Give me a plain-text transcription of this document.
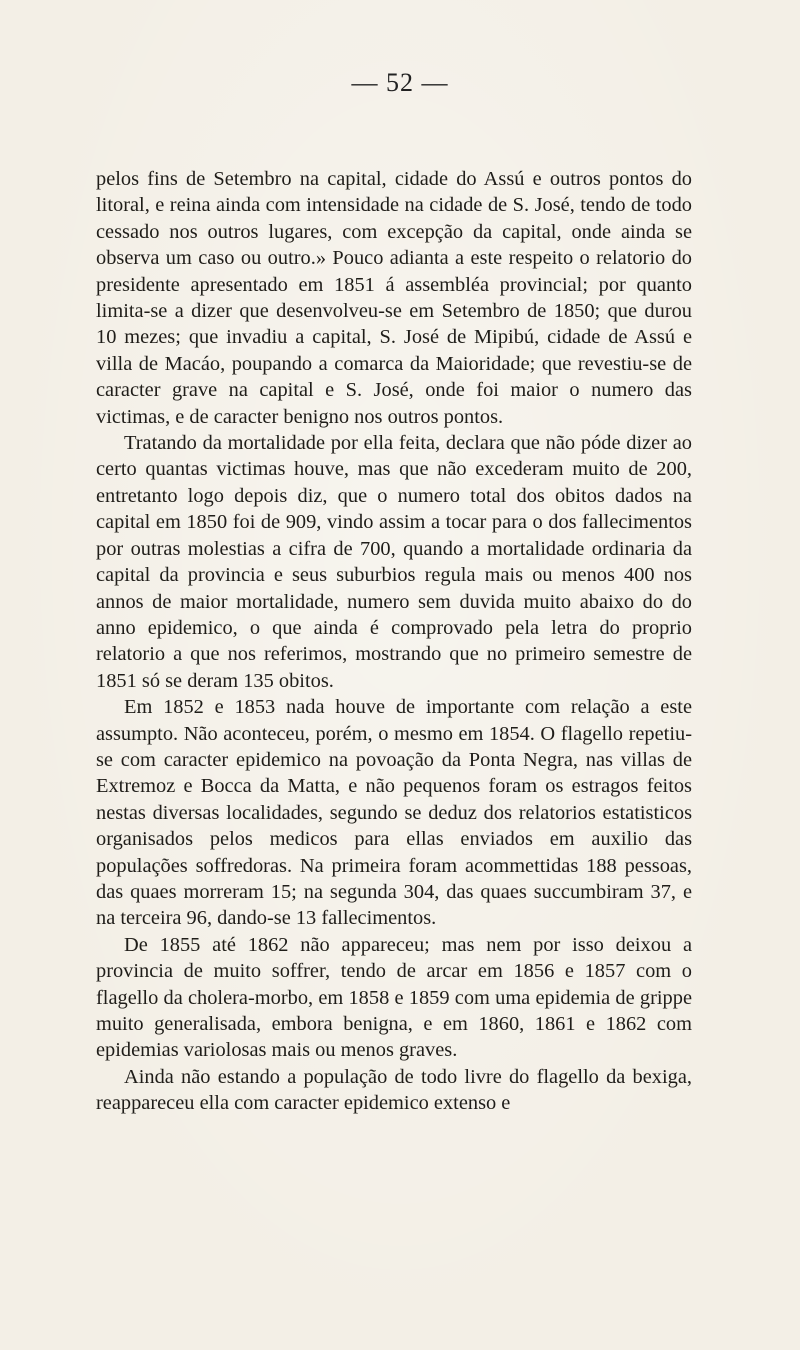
— 52 —

pelos fins de Setembro na capital, cidade do Assú e outros pontos do litoral, e reina ainda com intensidade na cidade de S. José, tendo de todo cessado nos outros lugares, com excepção da capital, onde ainda se observa um caso ou outro.» Pouco adianta a este respeito o relatorio do presidente apresentado em 1851 á assembléa provincial; por quanto limita-se a dizer que desenvolveu-se em Setembro de 1850; que durou 10 mezes; que invadiu a capital, S. José de Mipibú, cidade de Assú e villa de Macáo, poupando a comarca da Maioridade; que revestiu-se de caracter grave na capital e S. José, onde foi maior o numero das victimas, e de caracter benigno nos outros pontos.

Tratando da mortalidade por ella feita, declara que não póde dizer ao certo quantas victimas houve, mas que não excederam muito de 200, entretanto logo depois diz, que o numero total dos obitos dados na capital em 1850 foi de 909, vindo assim a tocar para o dos fallecimentos por outras molestias a cifra de 700, quando a mortalidade ordinaria da capital da provincia e seus suburbios regula mais ou menos 400 nos annos de maior mortalidade, numero sem duvida muito abaixo do do anno epidemico, o que ainda é comprovado pela letra do proprio relatorio a que nos referimos, mostrando que no primeiro semestre de 1851 só se deram 135 obitos.

Em 1852 e 1853 nada houve de importante com relação a este assumpto. Não aconteceu, porém, o mesmo em 1854. O flagello repetiu-se com caracter epidemico na povoação da Ponta Negra, nas villas de Extremoz e Bocca da Matta, e não pequenos foram os estragos feitos nestas diversas localidades, segundo se deduz dos relatorios estatisticos organisados pelos medicos para ellas enviados em auxilio das populações soffredoras. Na primeira foram acommettidas 188 pessoas, das quaes morreram 15; na segunda 304, das quaes succumbiram 37, e na terceira 96, dando-se 13 fallecimentos.

De 1855 até 1862 não appareceu; mas nem por isso deixou a provincia de muito soffrer, tendo de arcar em 1856 e 1857 com o flagello da cholera-morbo, em 1858 e 1859 com uma epidemia de grippe muito generalisada, embora benigna, e em 1860, 1861 e 1862 com epidemias variolosas mais ou menos graves.

Ainda não estando a população de todo livre do flagello da bexiga, reappareceu ella com caracter epidemico extenso e
